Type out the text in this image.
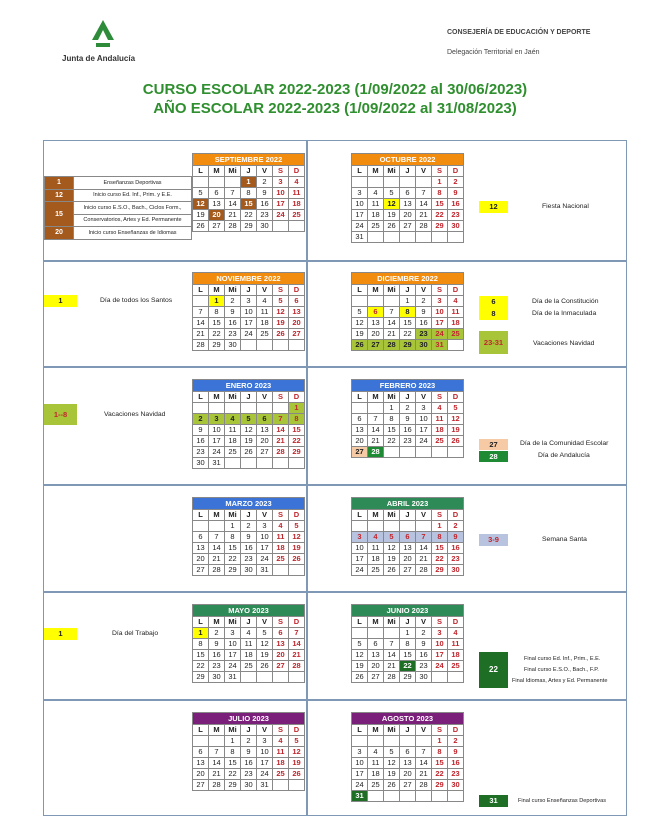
Junta de Andalucía
CONSEJERÍA DE EDUCACIÓN Y DEPORTE
Delegación Territorial en Jaén
CURSO ESCOLAR 2022-2023 (1/09/2022 al 30/06/2023)
AÑO ESCOLAR 2022-2023 (1/09/2022 al 31/08/2023)
SEPTIEMBRE 2022						
L	M	Mi	J	V	S	D
			1	2	3	4
5	6	7	8	9	10	11
12	13	14	15	16	17	18
19	20	21	22	23	24	25
26	27	28	29	30		
1	Enseñanzas Deportivas
12	Inicio curso Ed. Inf., Prim. y E.E.
15	Inicio curso E.S.O., Bach., Ciclos Form.,
	Conservatorios, Artes y Ed. Permanente
20	Inicio curso Enseñanzas de Idiomas
OCTUBRE 2022						
L	M	Mi	J	V	S	D
					1	2
3	4	5	6	7	8	9
10	11	12	13	14	15	16
17	18	19	20	21	22	23
24	25	26	27	28	29	30
31						
12	Fiesta Nacional
NOVIEMBRE 2022						
L	M	Mi	J	V	S	D
	1	2	3	4	5	6
7	8	9	10	11	12	13
14	15	16	17	18	19	20
21	22	23	24	25	26	27
28	29	30				
1	Día de todos los Santos
DICIEMBRE 2022						
L	M	Mi	J	V	S	D
			1	2	3	4
5	6	7	8	9	10	11
12	13	14	15	16	17	18
19	20	21	22	23	24	25
26	27	28	29	30	31	
6	Día de la Constitución
8	Día de la Inmaculada
23-31	Vacaciones Navidad
ENERO 2023						
L	M	Mi	J	V	S	D
						1
2	3	4	5	6	7	8
9	10	11	12	13	14	15
16	17	18	19	20	21	22
23	24	25	26	27	28	29
30	31					
1--8	Vacaciones Navidad
FEBRERO 2023						
L	M	Mi	J	V	S	D
		1	2	3	4	5
6	7	8	9	10	11	12
13	14	15	16	17	18	19
20	21	22	23	24	25	26
27	28					
27	Día de la Comunidad Escolar
28	Día de Andalucía
MARZO 2023						
L	M	Mi	J	V	S	D
		1	2	3	4	5
6	7	8	9	10	11	12
13	14	15	16	17	18	19
20	21	22	23	24	25	26
27	28	29	30	31		
ABRIL 2023						
L	M	Mi	J	V	S	D
					1	2
3	4	5	6	7	8	9
10	11	12	13	14	15	16
17	18	19	20	21	22	23
24	25	26	27	28	29	30
3-9	Semana Santa
MAYO 2023						
L	M	Mi	J	V	S	D
1	2	3	4	5	6	7
8	9	10	11	12	13	14
15	16	17	18	19	20	21
22	23	24	25	26	27	28
29	30	31				
1	Día del Trabajo
JUNIO 2023						
L	M	Mi	J	V	S	D
			1	2	3	4
5	6	7	8	9	10	11
12	13	14	15	16	17	18
19	20	21	22	23	24	25
26	27	28	29	30		
22
Final curso Ed. Inf., Prim., E.E.
Final curso E.S.O., Bach., F.P.
Final Idiomas, Artes y Ed. Permanente
JULIO 2023						
L	M	Mi	J	V	S	D
		1	2	3	4	5
6	7	8	9	10	11	12
13	14	15	16	17	18	19
20	21	22	23	24	25	26
27	28	29	30	31		
AGOSTO 2023						
L	M	Mi	J	V	S	D
					1	2
3	4	5	6	7	8	9
10	11	12	13	14	15	16
17	18	19	20	21	22	23
24	25	26	27	28	29	30
31						
31	Final curso Enseñanzas Deportivas
